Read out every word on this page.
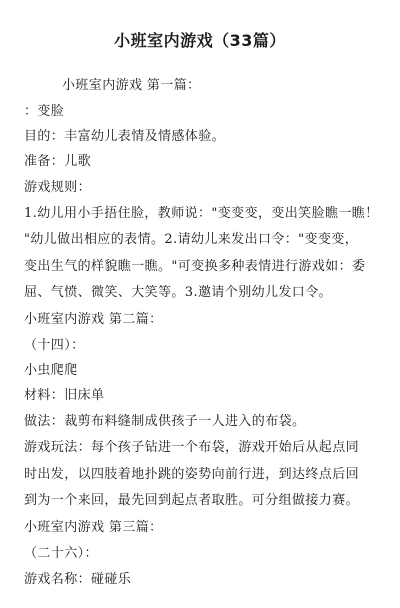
小班室内游戏（33篇）
小班室内游戏 第一篇：
：变脸
目的：丰富幼儿表情及情感体验。
准备：儿歌
游戏规则：
1.幼儿用小手捂住脸，教师说："变变变，变出笑脸瞧一瞧！
"幼儿做出相应的表情。2.请幼儿来发出口令："变变变，
变出生气的样貌瞧一瞧。"可变换多种表情进行游戏如：委
屈、气愤、微笑、大笑等。3.邀请个别幼儿发口令。
小班室内游戏 第二篇：
（十四）：
小虫爬爬
材料：旧床单
做法：裁剪布料缝制成供孩子一人进入的布袋。
游戏玩法：每个孩子钻进一个布袋，游戏开始后从起点同
时出发，以四肢着地扑跳的姿势向前行进，到达终点后回
到为一个来回，最先回到起点者取胜。可分组做接力赛。
小班室内游戏 第三篇：
（二十六）：
游戏名称：碰碰乐
